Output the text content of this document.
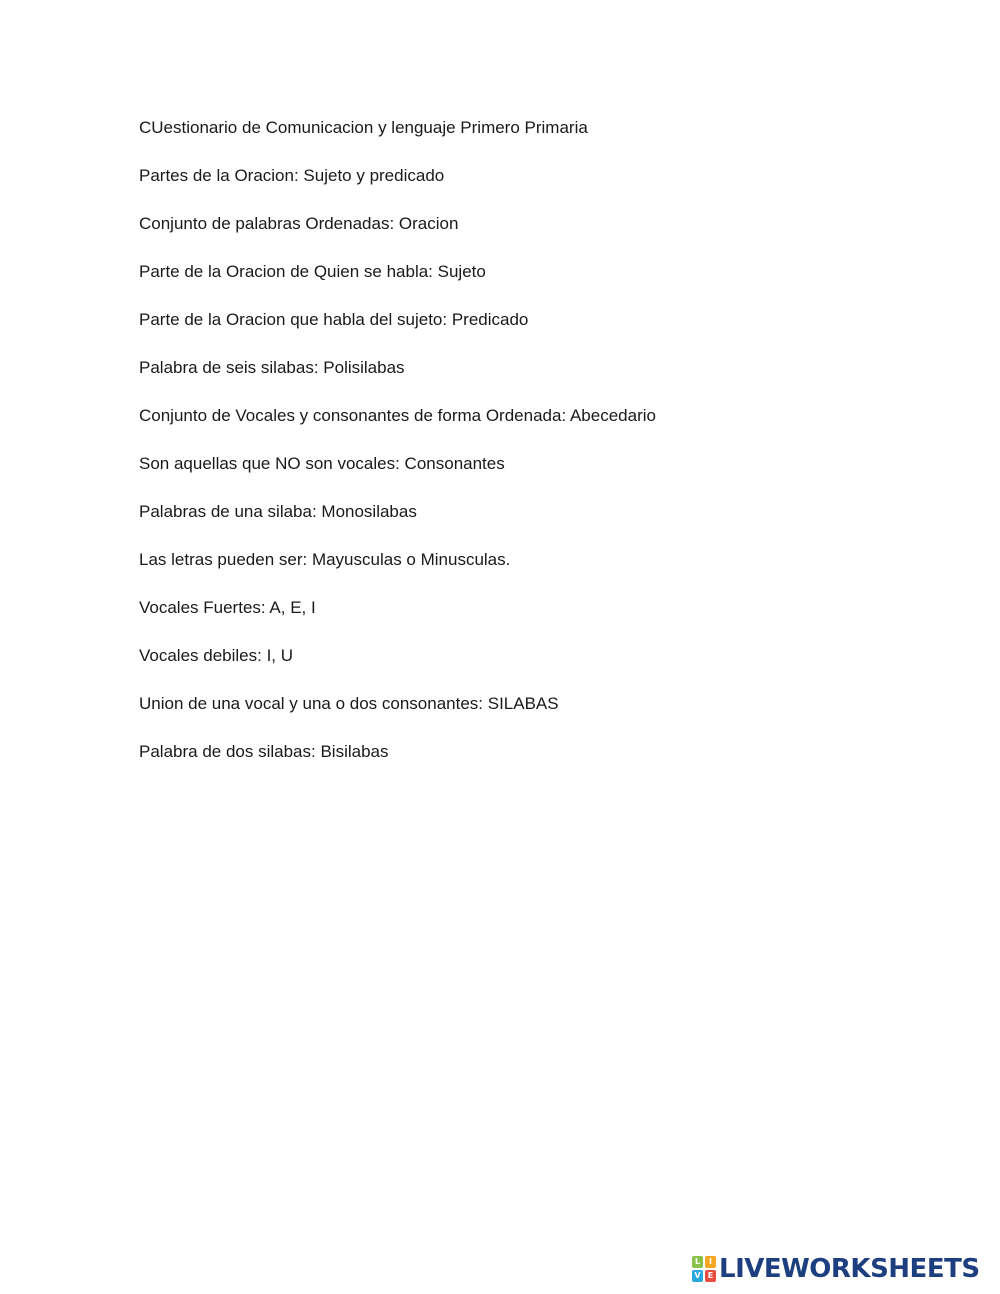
CUestionario de Comunicacion y lenguaje Primero Primaria
Partes de la Oracion: Sujeto y predicado
Conjunto de palabras Ordenadas: Oracion
Parte de la Oracion de Quien se habla: Sujeto
Parte de la Oracion que habla del sujeto: Predicado
Palabra de seis silabas: Polisilabas
Conjunto de Vocales y consonantes de forma Ordenada: Abecedario
Son aquellas que NO son vocales: Consonantes
Palabras de una silaba: Monosilabas
Las letras pueden ser: Mayusculas o Minusculas.
Vocales Fuertes: A, E, I
Vocales debiles: I, U
Union de una vocal y una o dos consonantes: SILABAS
Palabra de dos silabas: Bisilabas
L	I
V E LIVEWORKSHEETS
